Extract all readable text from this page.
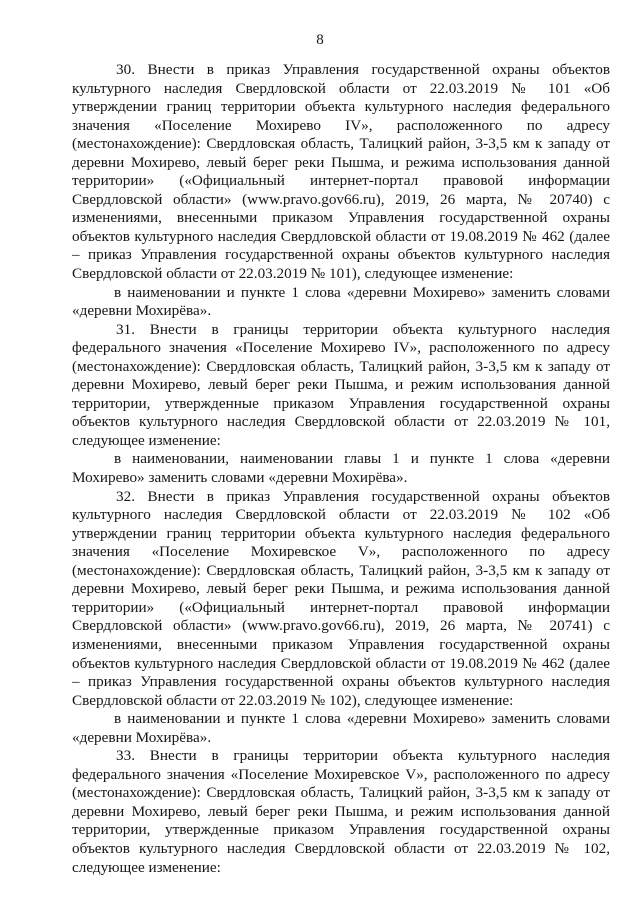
8

30. Внести в приказ Управления государственной охраны объектов культурного наследия Свердловской области от 22.03.2019 № 101 «Об утверждении границ территории объекта культурного наследия федерального значения «Поселение Мохирево IV», расположенного по адресу (местонахождение): Свердловская область, Талицкий район, 3-3,5 км к западу от деревни Мохирево, левый берег реки Пышма, и режима использования данной территории» («Официальный интернет-портал правовой информации Свердловской области» (www.pravo.gov66.ru), 2019, 26 марта, № 20740) с изменениями, внесенными приказом Управления государственной охраны объектов культурного наследия Свердловской области от 19.08.2019 № 462 (далее – приказ Управления государственной охраны объектов культурного наследия Свердловской области от 22.03.2019 № 101), следующее изменение:

в наименовании и пункте 1 слова «деревни Мохирево» заменить словами «деревни Мохирёва».

31. Внести в границы территории объекта культурного наследия федерального значения «Поселение Мохирево IV», расположенного по адресу (местонахождение): Свердловская область, Талицкий район, 3-3,5 км к западу от деревни Мохирево, левый берег реки Пышма, и режим использования данной территории, утвержденные приказом Управления государственной охраны объектов культурного наследия Свердловской области от 22.03.2019 № 101, следующее изменение:

в наименовании, наименовании главы 1 и пункте 1 слова «деревни Мохирево» заменить словами «деревни Мохирёва».

32. Внести в приказ Управления государственной охраны объектов культурного наследия Свердловской области от 22.03.2019 № 102 «Об утверждении границ территории объекта культурного наследия федерального значения «Поселение Мохиревское V», расположенного по адресу (местонахождение): Свердловская область, Талицкий район, 3-3,5 км к западу от деревни Мохирево, левый берег реки Пышма, и режима использования данной территории» («Официальный интернет-портал правовой информации Свердловской области» (www.pravo.gov66.ru), 2019, 26 марта, № 20741) с изменениями, внесенными приказом Управления государственной охраны объектов культурного наследия Свердловской области от 19.08.2019 № 462 (далее – приказ Управления государственной охраны объектов культурного наследия Свердловской области от 22.03.2019 № 102), следующее изменение:

в наименовании и пункте 1 слова «деревни Мохирево» заменить словами «деревни Мохирёва».

33. Внести в границы территории объекта культурного наследия федерального значения «Поселение Мохиревское V», расположенного по адресу (местонахождение): Свердловская область, Талицкий район, 3-3,5 км к западу от деревни Мохирево, левый берег реки Пышма, и режим использования данной территории, утвержденные приказом Управления государственной охраны объектов культурного наследия Свердловской области от 22.03.2019 № 102, следующее изменение:
